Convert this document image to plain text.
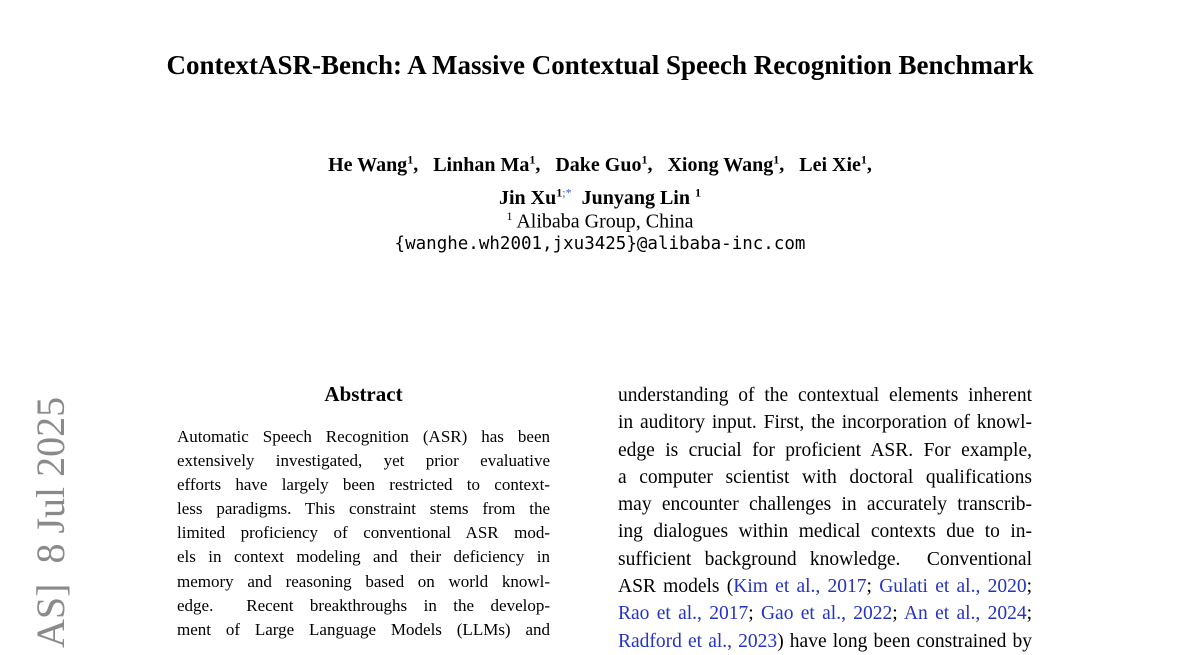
ContextASR-Bench: A Massive Contextual Speech Recognition Benchmark
He Wang$^1$,   Linhan Ma$^1$,   Dake Guo$^1$,   Xiong Wang$^1$,   Lei Xie$^1$,
Jin $Xu^{1;*}$  Junyang Lin $^1$
$^1$ Alibaba Group, China
{wanghe.wh2001,jxu3425}@alibaba-inc.com
AS]  8 Jul 2025
Abstract
Automatic Speech Recognition (ASR) has been
extensively investigated, yet prior evaluative
efforts have largely been restricted to context-
less paradigms. This constraint stems from the
limited proficiency of conventional ASR mod-
els in context modeling and their deficiency in
memory and reasoning based on world knowl-
edge.  Recent breakthroughs in the develop-
ment of Large Language Models (LLMs) and
understanding of the contextual elements inherent
in auditory input. First, the incorporation of knowl-
edge is crucial for proficient ASR. For example,
a computer scientist with doctoral qualifications
may encounter challenges in accurately transcrib-
ing dialogues within medical contexts due to in-
sufficient background knowledge.  Conventional
ASR models (Kim et al., 2017; Gulati et al., 2020;
Rao et al., 2017; Gao et al., 2022; An et al., 2024;
Radford et al., 2023) have long been constrained by
